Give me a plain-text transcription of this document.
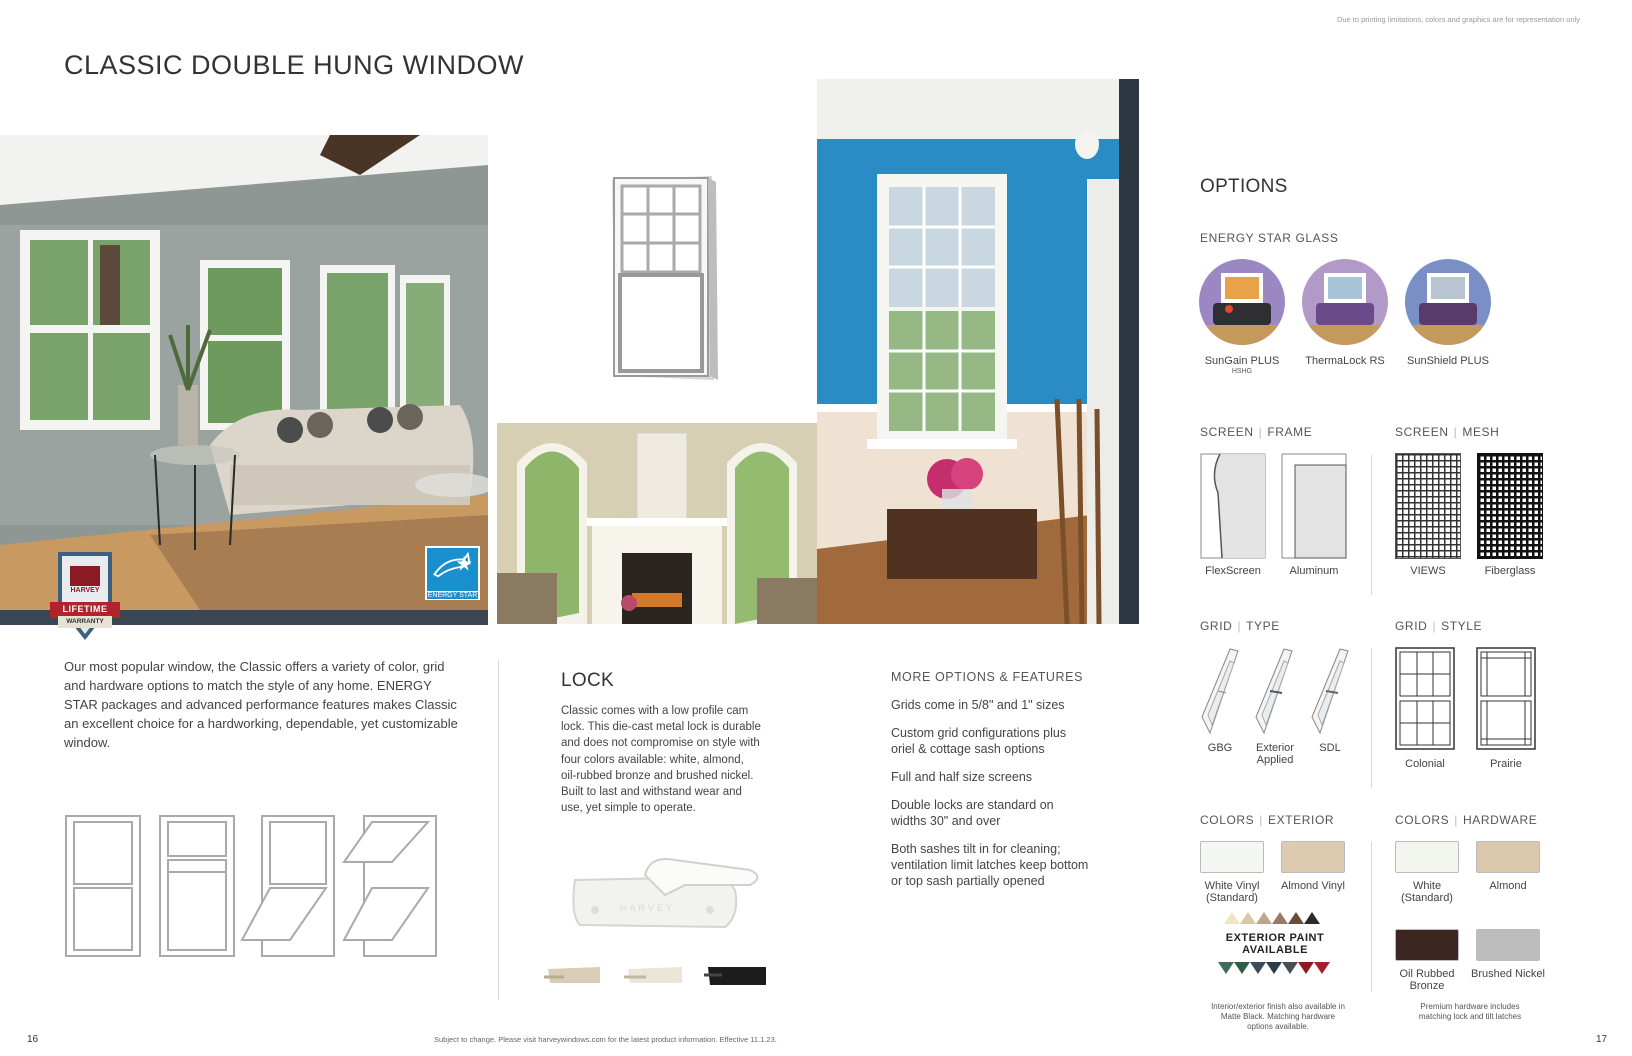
CLASSIC DOUBLE HUNG WINDOW
Due to printing limitations, colors and graphics are for representation only
HARVEY
LIFETIME
WARRANTY
ENERGY STAR
Our most popular window, the Classic offers a variety of color, grid and hardware options to match the style of any home. ENERGY STAR packages and advanced performance features makes Classic an excellent choice for a hardworking, dependable, yet customizable window.
LOCK
Classic comes with a low profile cam lock. This die-cast metal lock is durable and does not compromise on style with four colors available: white, almond, oil-rubbed bronze and brushed nickel. Built to last and withstand wear and use, yet simple to operate.
HARVEY
MORE OPTIONS & FEATURES
Grids come in 5/8" and 1" sizes
Custom grid configurations plus oriel & cottage sash options
Full and half size screens
Double locks are standard on widths 30" and over
Both sashes tilt in for cleaning; ventilation limit latches keep bottom or top sash partially opened
OPTIONS
ENERGY STAR GLASS
SunGain PLUS
HSHG
ThermaLock RS	SunShield PLUS
SCREEN | FRAME
FlexScreen	Aluminum
SCREEN | MESH
VIEWS	Fiberglass
GRID | TYPE
GBG	Exterior Applied
SDL
GRID | STYLE
Colonial	Prairie
COLORS | EXTERIOR
White Vinyl (Standard)
Almond Vinyl
EXTERIOR PAINT
AVAILABLE
Interior/exterior finish also available in Matte Black. Matching hardware options available.
COLORS | HARDWARE
White (Standard)
Almond
Oil Rubbed Bronze
Brushed Nickel
Premium hardware includes matching lock and tilt latches
16	17
Subject to change. Please visit harveywindows.com for the latest product information. Effective 11.1.23.
